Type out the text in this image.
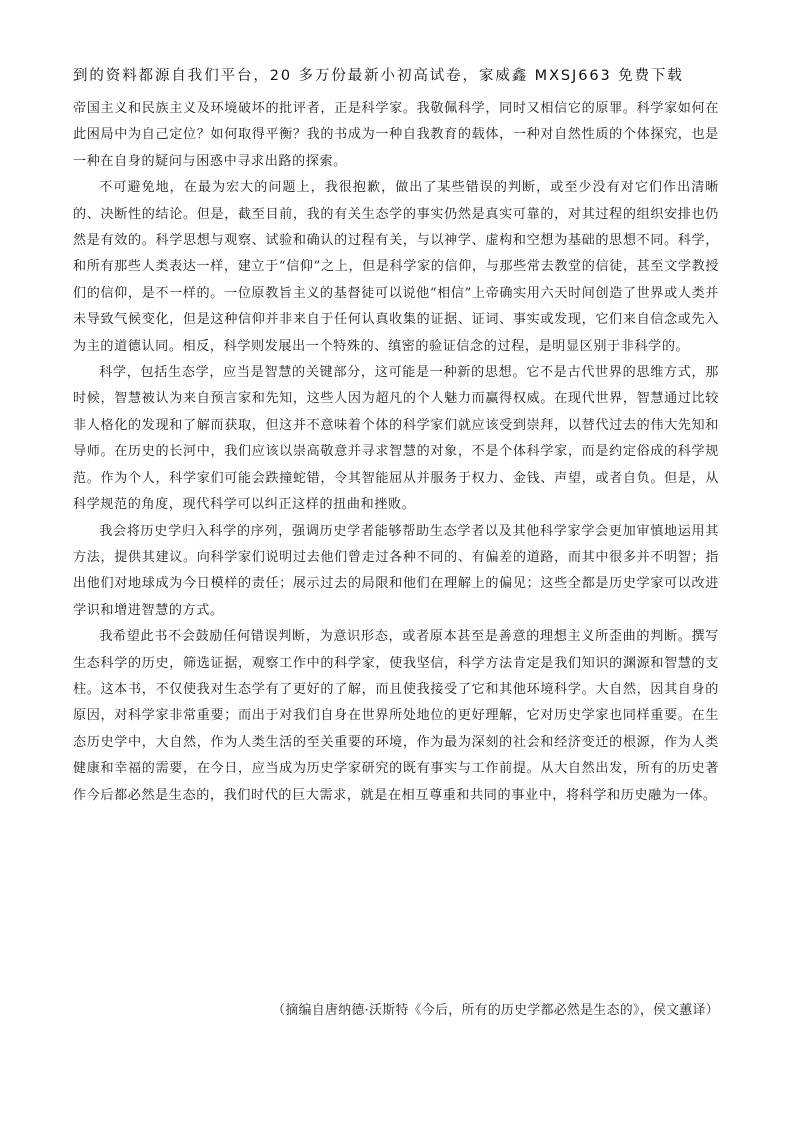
到的资料都源自我们平台，20 多万份最新小初高试卷，家威鑫 MXSJ663 免费下载

帝国主义和民族主义及环境破坏的批评者，正是科学家。我敬佩科学，同时又相信它的原罪。科学家如何在此困局中为自己定位？如何取得平衡？我的书成为一种自我教育的载体，一种对自然性质的个体探究，也是一种在自身的疑问与困惑中寻求出路的探索。

不可避免地，在最为宏大的问题上，我很抱歉，做出了某些错误的判断，或至少没有对它们作出清晰的、决断性的结论。但是，截至目前，我的有关生态学的事实仍然是真实可靠的，对其过程的组织安排也仍然是有效的。科学思想与观察、试验和确认的过程有关，与以神学、虚构和空想为基础的思想不同。科学，和所有那些人类表达一样，建立于“信仰”之上，但是科学家的信仰，与那些常去教堂的信徒，甚至文学教授们的信仰，是不一样的。一位原教旨主义的基督徒可以说他“相信”上帝确实用六天时间创造了世界或人类并未导致气候变化，但是这种信仰并非来自于任何认真收集的证据、证词、事实或发现，它们来自信念或先入为主的道德认同。相反，科学则发展出一个特殊的、缜密的验证信念的过程，是明显区别于非科学的。

科学，包括生态学，应当是智慧的关键部分，这可能是一种新的思想。它不是古代世界的思维方式，那时候，智慧被认为来自预言家和先知，这些人因为超凡的个人魅力而赢得权威。在现代世界，智慧通过比较非人格化的发现和了解而获取，但这并不意味着个体的科学家们就应该受到崇拜，以替代过去的伟大先知和导师。在历史的长河中，我们应该以崇高敬意并寻求智慧的对象，不是个体科学家，而是约定俗成的科学规范。作为个人，科学家们可能会跌撞蛇错，令其智能屈从并服务于权力、金钱、声望，或者自负。但是，从科学规范的角度，现代科学可以纠正这样的扭曲和挫败。

我会将历史学归入科学的序列，强调历史学者能够帮助生态学者以及其他科学家学会更加审慎地运用其方法，提供其建议。向科学家们说明过去他们曾走过各种不同的、有偏差的道路，而其中很多并不明智；指出他们对地球成为今日模样的责任；展示过去的局限和他们在理解上的偏见；这些全都是历史学家可以改进学识和增进智慧的方式。

我希望此书不会鼓励任何错误判断，为意识形态，或者原本甚至是善意的理想主义所歪曲的判断。撰写生态科学的历史，筛选证据，观察工作中的科学家，使我坚信，科学方法肯定是我们知识的渊源和智慧的支柱。这本书，不仅使我对生态学有了更好的了解，而且使我接受了它和其他环境科学。大自然，因其自身的原因，对科学家非常重要；而出于对我们自身在世界所处地位的更好理解，它对历史学家也同样重要。在生态历史学中，大自然，作为人类生活的至关重要的环境，作为最为深刻的社会和经济变迁的根源，作为人类健康和幸福的需要，在今日，应当成为历史学家研究的既有事实与工作前提。从大自然出发，所有的历史著作今后都必然是生态的，我们时代的巨大需求，就是在相互尊重和共同的事业中，将科学和历史融为一体。

（摘编自唐纳德·沃斯特《今后，所有的历史学都必然是生态的》，侯文蕙译）
